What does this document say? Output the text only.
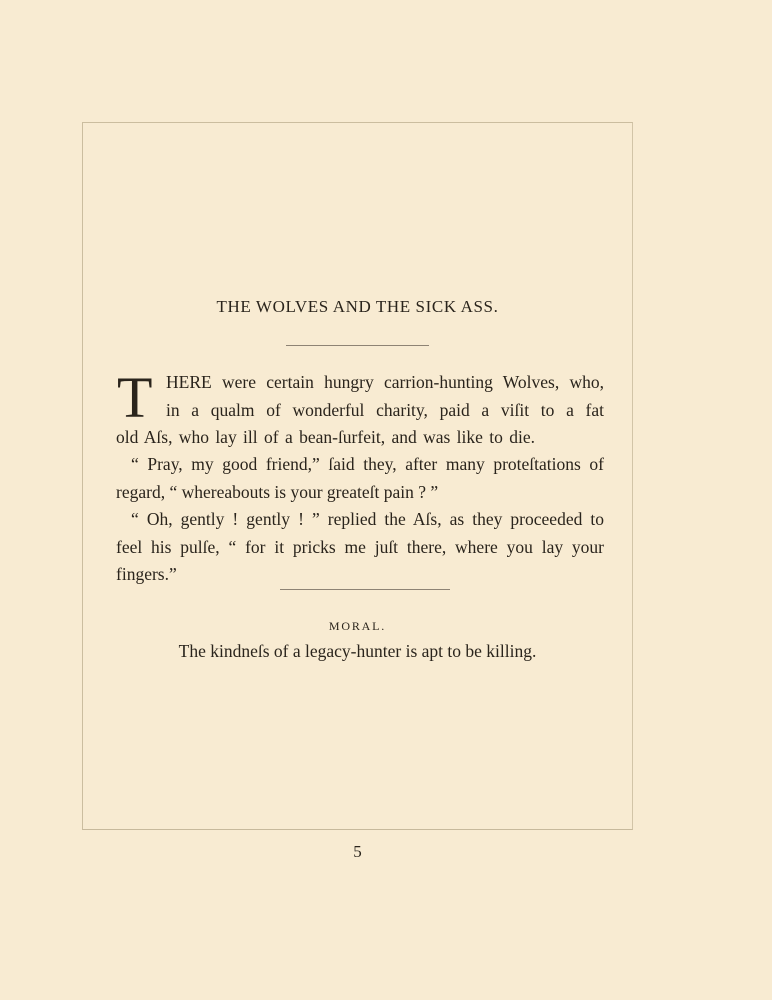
THE WOLVES AND THE SICK ASS.
T HERE were certain hungry carrion-hunting Wolves, who,
in a qualm of wonderful charity, paid a viſit to a fat
old Aſs, who lay ill of a bean-ſurfeit, and was like to die.
“ Pray, my good friend,” ſaid they, after many proteſtations of
regard, “ whereabouts is your greateſt pain ? ”
“ Oh, gently ! gently ! ” replied the Aſs, as they proceeded to
feel his pulſe, “ for it pricks me juſt there, where you lay your
fingers.”
MORAL.
The kindneſs of a legacy-hunter is apt to be killing.
5
